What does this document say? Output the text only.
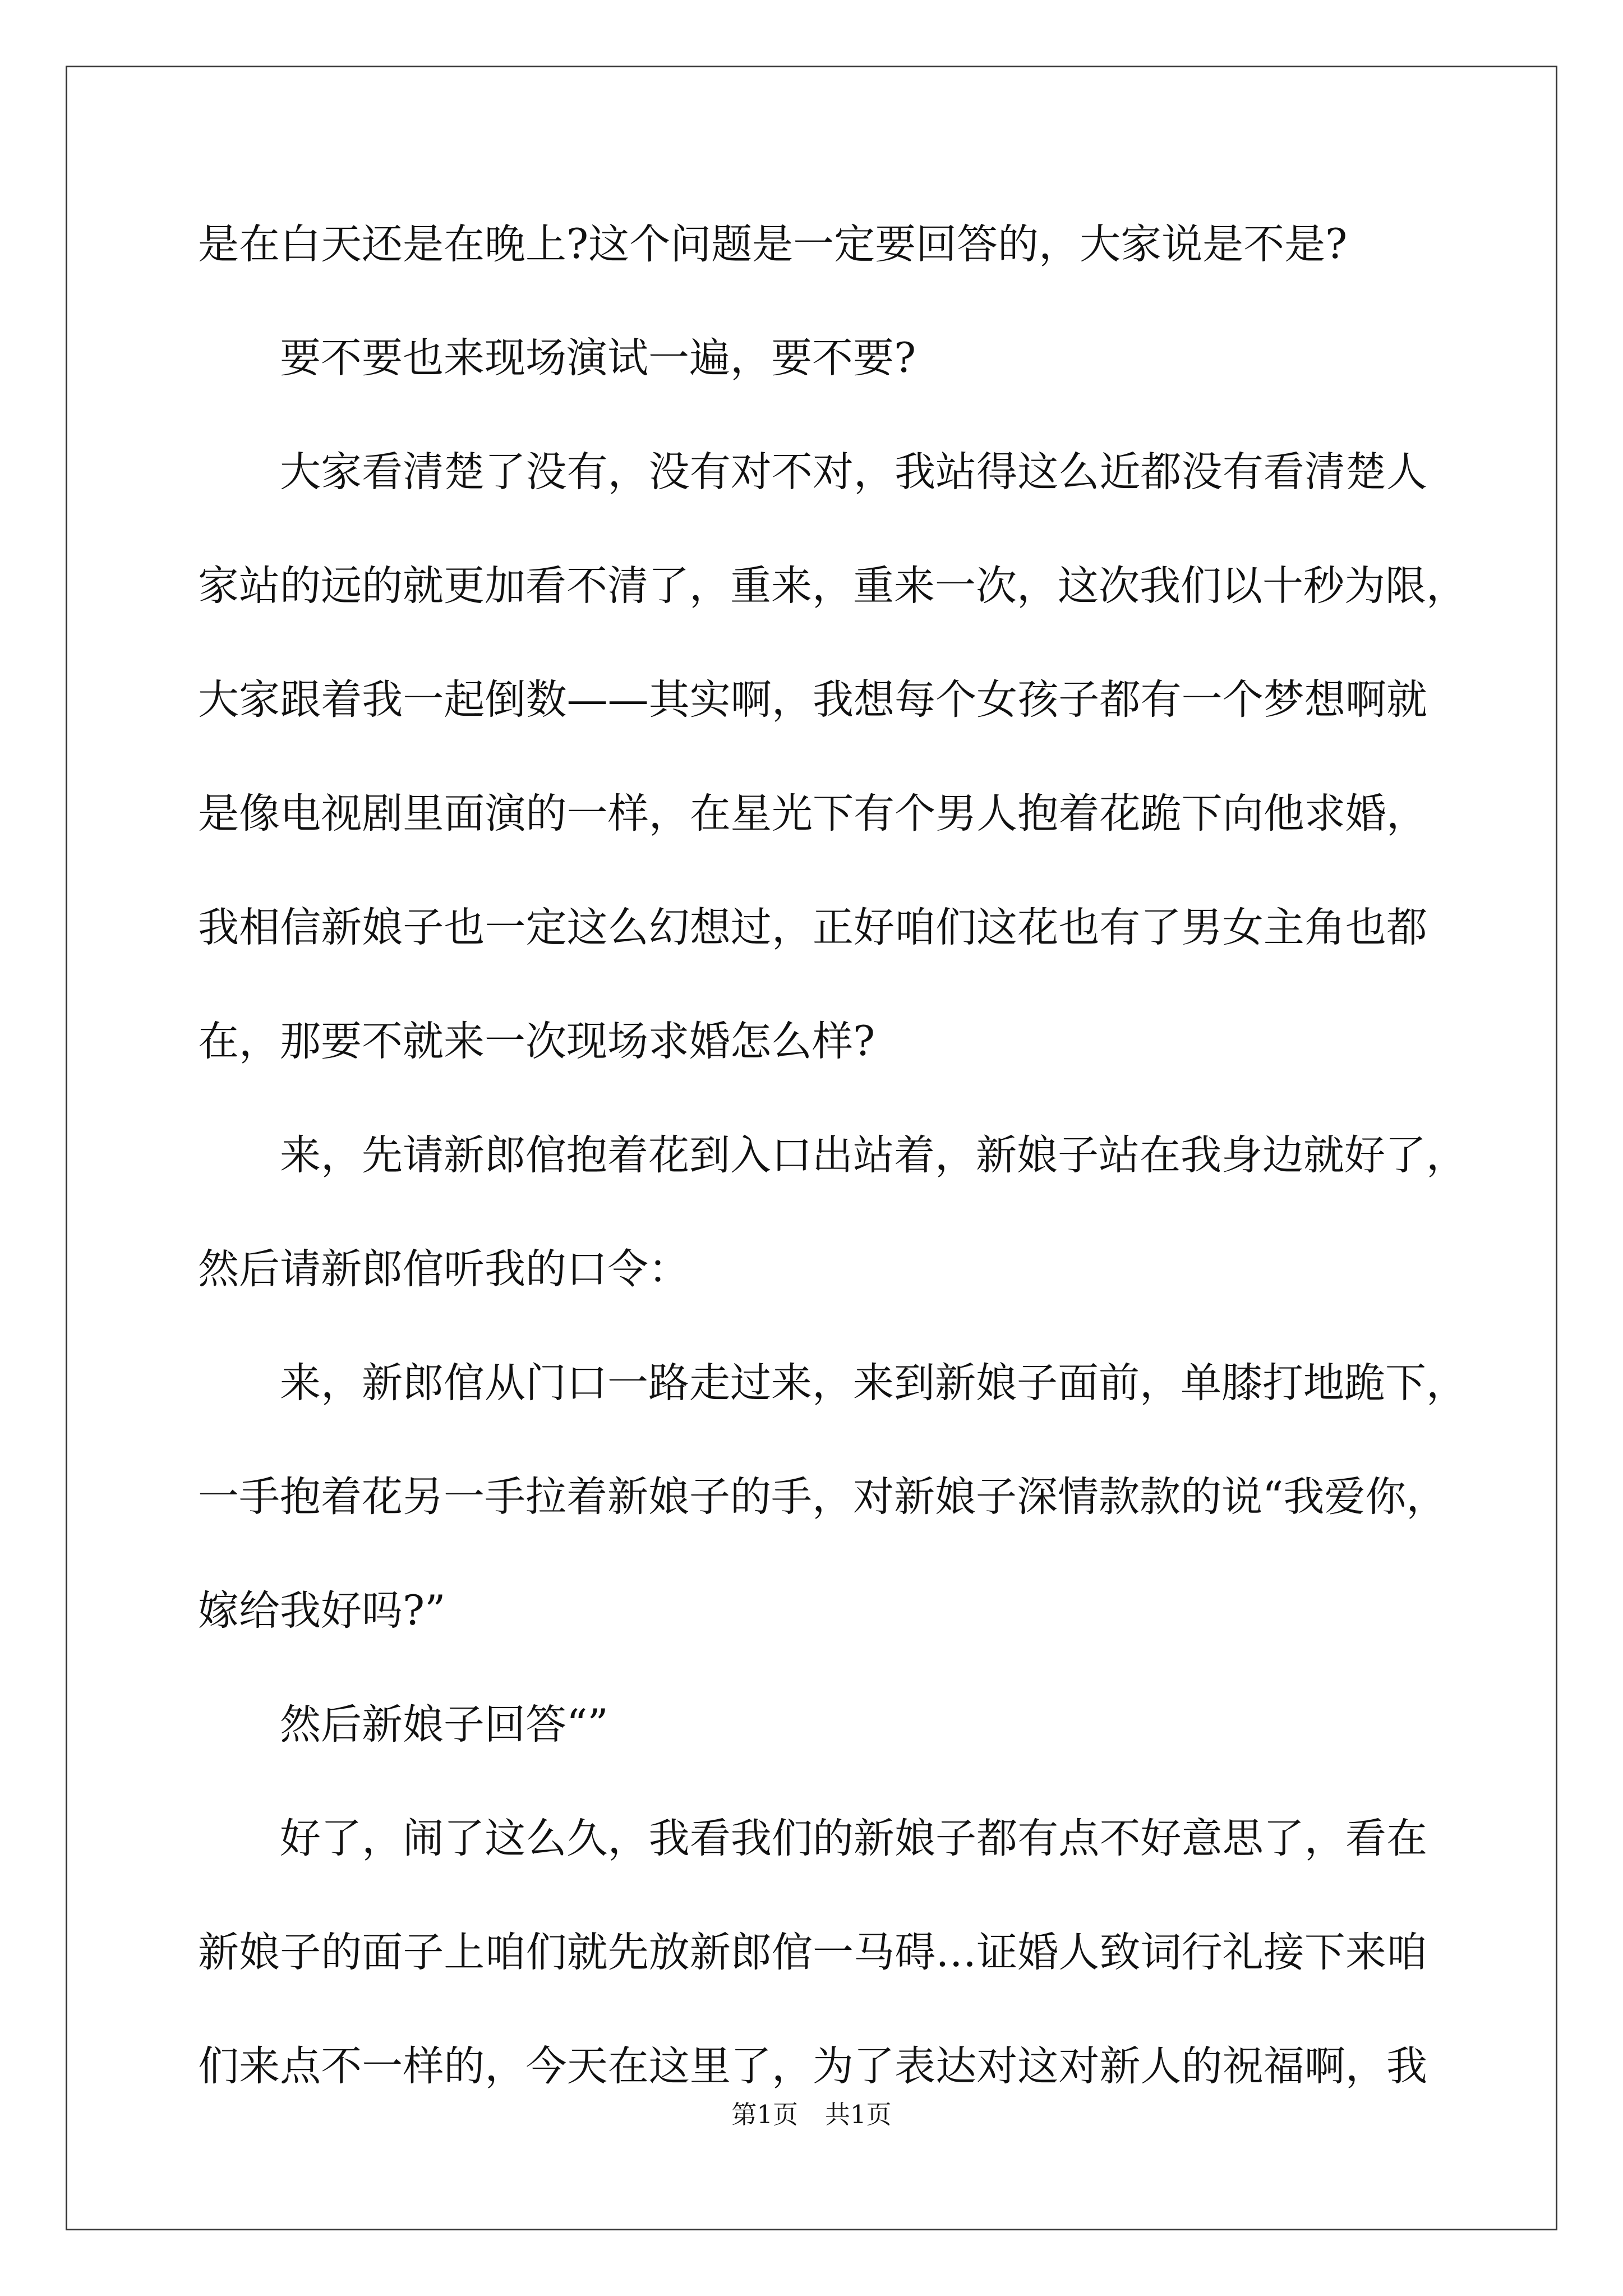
是在白天还是在晚上?这个问题是一定要回答的，大家说是不是?
要不要也来现场演试一遍，要不要?
大家看清楚了没有，没有对不对，我站得这么近都没有看清楚人
家站的远的就更加看不清了，重来，重来一次，这次我们以十秒为限，
大家跟着我一起倒数——其实啊，我想每个女孩子都有一个梦想啊就
是像电视剧里面演的一样，在星光下有个男人抱着花跪下向他求婚，
我相信新娘子也一定这么幻想过，正好咱们这花也有了男女主角也都
在，那要不就来一次现场求婚怎么样?
来，先请新郎倌抱着花到入口出站着，新娘子站在我身边就好了，
然后请新郎倌听我的口令：
来，新郎倌从门口一路走过来，来到新娘子面前，单膝打地跪下，
一手抱着花另一手拉着新娘子的手，对新娘子深情款款的说“我爱你，
嫁给我好吗?”
然后新娘子回答“”
好了，闹了这么久，我看我们的新娘子都有点不好意思了，看在
新娘子的面子上咱们就先放新郎倌一马碍…证婚人致词行礼接下来咱
们来点不一样的，今天在这里了，为了表达对这对新人的祝福啊，我
第1页 共1页
